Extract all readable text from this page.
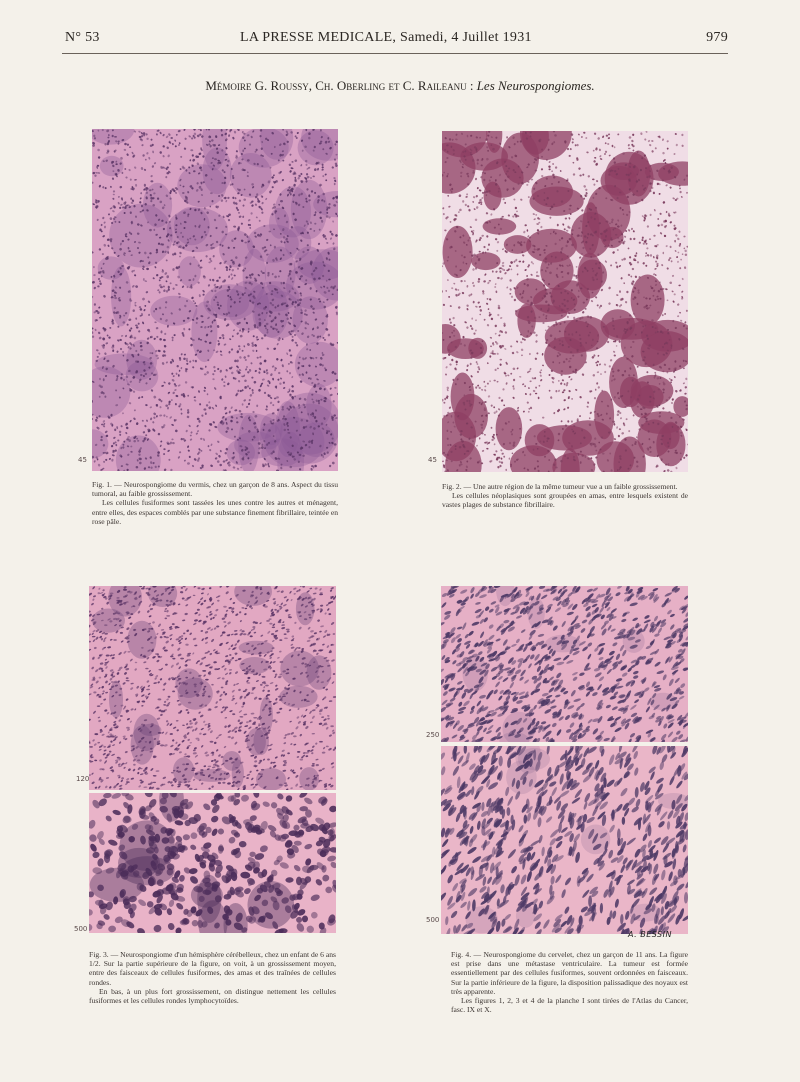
N° 53	LA PRESSE MEDICALE, Samedi, 4 Juillet 1931	979
Mémoire G. Roussy, Ch. Oberling et C. Raileanu : Les Neurospongiomes.
45

Fig. 1. — Neurospongiome du vermis, chez un garçon de 8 ans. Aspect du tissu tumoral, au faible grossissement.

Les cellules fusiformes sont tassées les unes contre les autres et ménagent, entre elles, des espaces comblés par une substance finement fibrillaire, teintée en rose pâle.

45

Fig. 2. — Une autre région de la même tumeur vue a un faible grossissement.

Les cellules néoplasiques sont groupées en amas, entre lesquels existent de vastes plages de substance fibrillaire.

120
500

Fig. 3. — Neurospongiome d'un hémisphère cérébelleux, chez un enfant de 6 ans 1/2. Sur la partie supérieure de la figure, on voit, à un grossissement moyen, entre des faisceaux de cellules fusiformes, des amas et des traînées de cellules rondes.

En bas, à un plus fort grossissement, on distingue nettement les cellules fusiformes et les cellules rondes lymphocytoïdes.

250
500
A. BESSIN

Fig. 4. — Neurospongiome du cervelet, chez un garçon de 11 ans. La figure est prise dans une métastase ventriculaire. La tumeur est formée essentiellement par des cellules fusiformes, souvent ordonnées en faisceaux. Sur la partie inférieure de la figure, la disposition palissadique des noyaux est très apparente.

Les figures 1, 2, 3 et 4 de la planche I sont tirées de l'Atlas du Cancer, fasc. IX et X.
